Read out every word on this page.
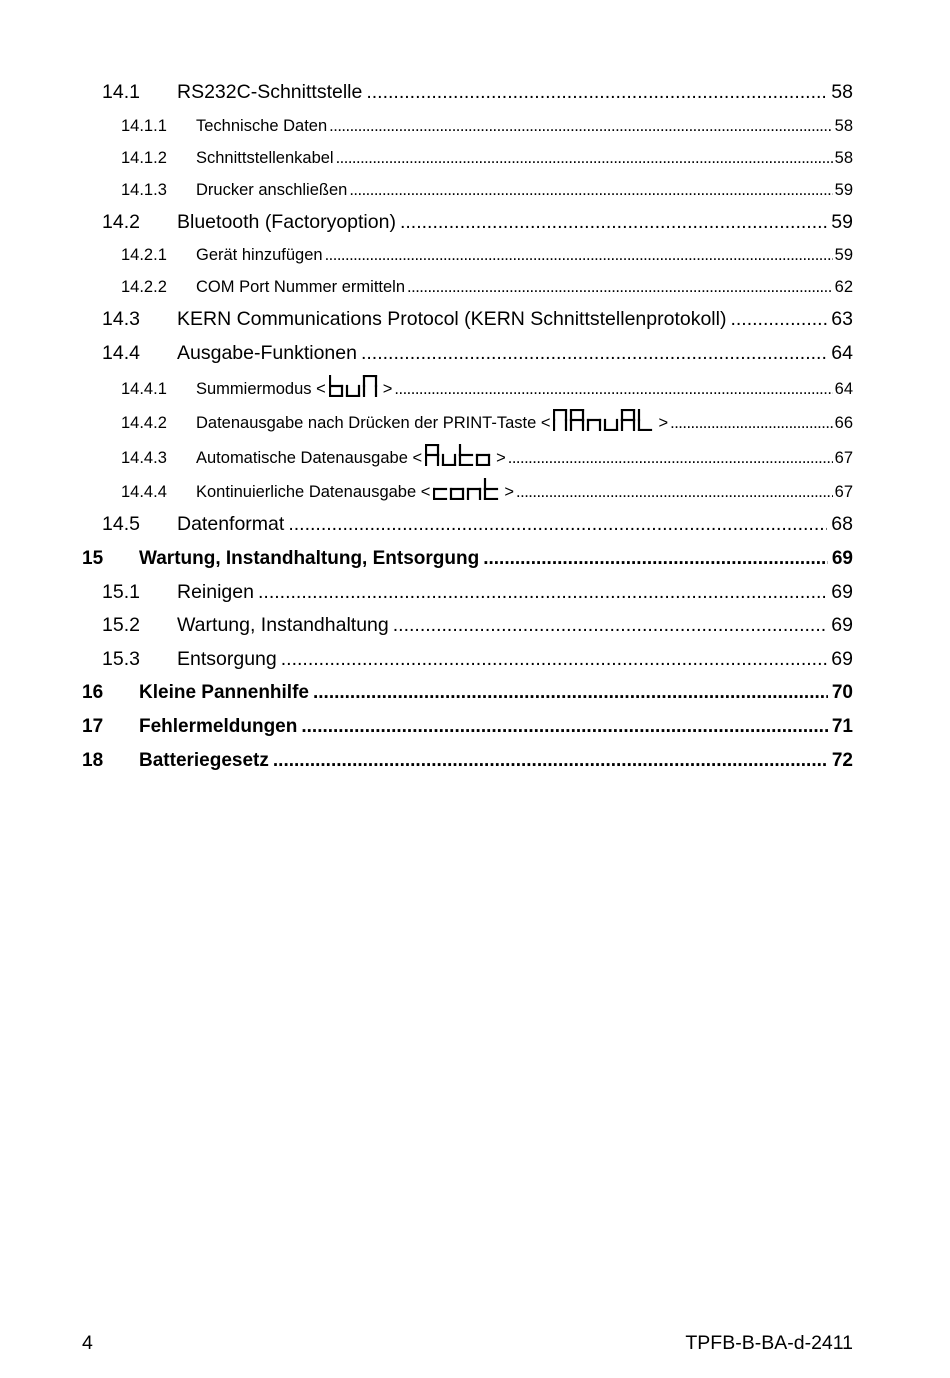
14.1	RS232C-Schnittstelle .....	58
14.1.1	Technische Daten .....	58
14.1.2	Schnittstellenkabel .....	58
14.1.3	Drucker anschließen .....	59
14.2	Bluetooth (Factoryoption) .....	59
14.2.1	Gerät hinzufügen .....	59
14.2.2	COM Port Nummer ermitteln .....	62
14.3	KERN Communications Protocol (KERN Schnittstellenprotokoll) .....	63
14.4	Ausgabe-Funktionen .....	64
14.4.1	Summiermodus <	> .....	64
14.4.2	Datenausgabe nach Drücken der PRINT-Taste <	> .....	66
14.4.3	Automatische Datenausgabe <	> .....	67
14.4.4	Kontinuierliche Datenausgabe <	> .....	67
14.5	Datenformat .....	68
15	Wartung, Instandhaltung, Entsorgung .....	69
15.1	Reinigen .....	69
15.2	Wartung, Instandhaltung .....	69
15.3	Entsorgung .....	69
16	Kleine Pannenhilfe .....	70
17	Fehlermeldungen .....	71
18	Batteriegesetz .....	72
4	TPFB-B-BA-d-2411
